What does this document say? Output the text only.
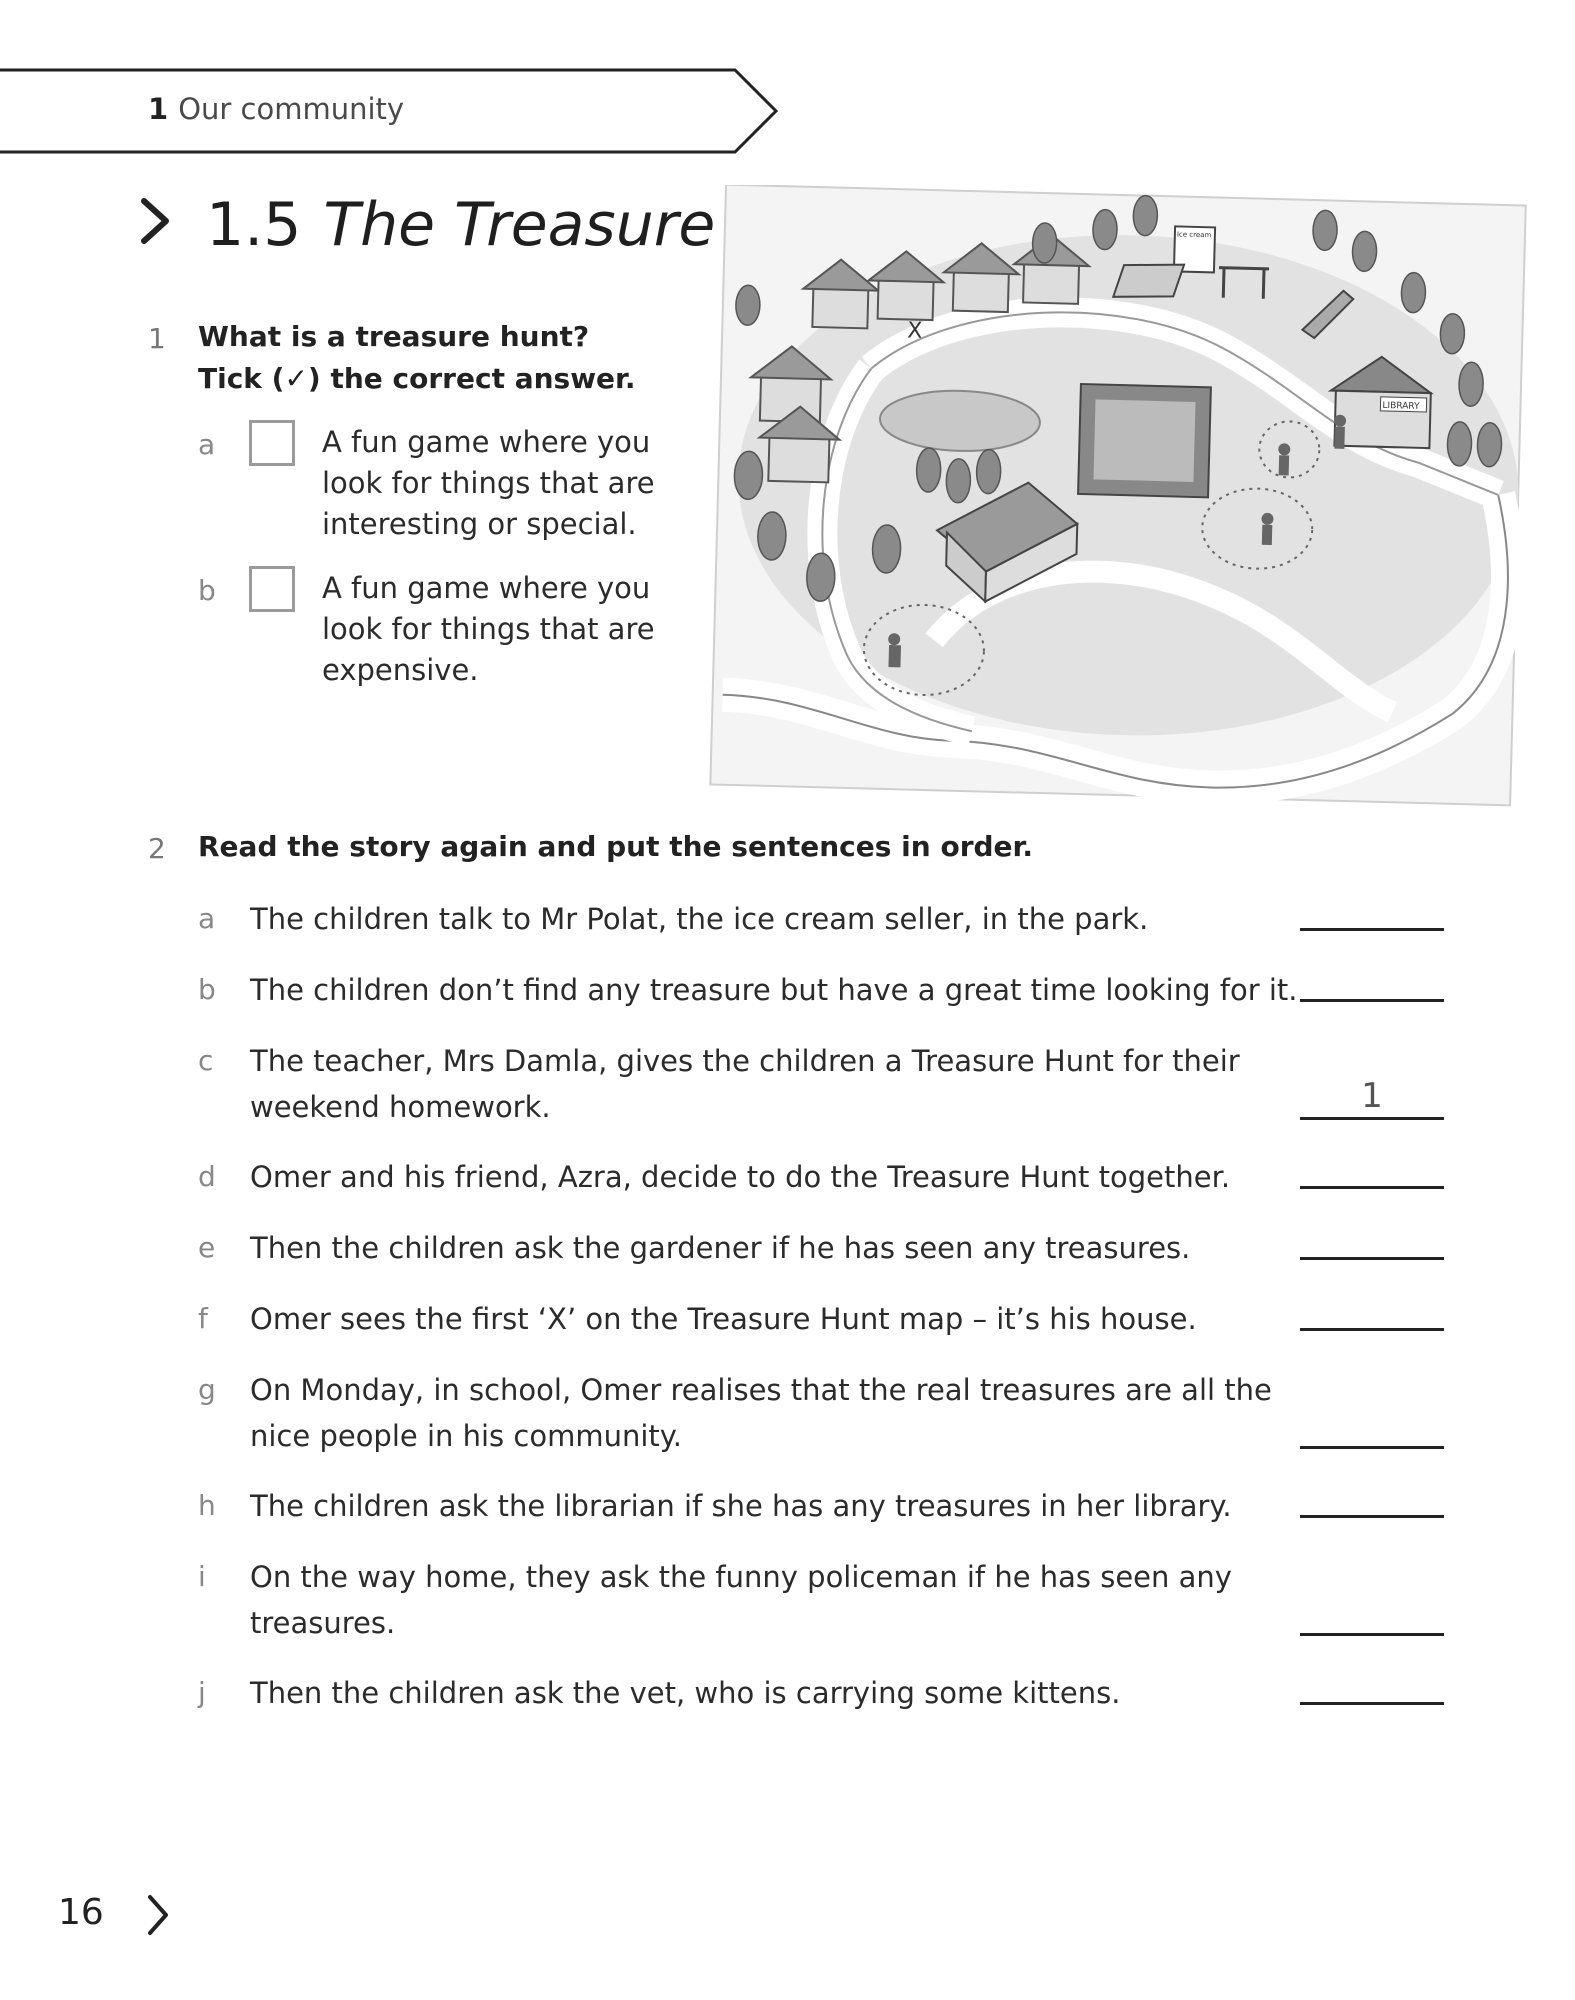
1 Our community
1.5 The Treasure
1 What is a treasure hunt?
Tick (✓) the correct answer.
a	A fun game where you
look for things that are
interesting or special.
b	A fun game where you
look for things that are
expensive.
X
LIBRARY
Ice cream
2 Read the story again and put the sentences in order.
a The children talk to Mr Polat, the ice cream seller, in the park.
b The children don’t find any treasure but have a great time looking for it.
c The teacher, Mrs Damla, gives the children a Treasure Hunt for their
weekend homework.	1
d Omer and his friend, Azra, decide to do the Treasure Hunt together.
e Then the children ask the gardener if he has seen any treasures.
f Omer sees the first ‘X’ on the Treasure Hunt map – it’s his house.
g On Monday, in school, Omer realises that the real treasures are all the
nice people in his community.
h The children ask the librarian if she has any treasures in her library.
i On the way home, they ask the funny policeman if he has seen any
treasures.
j Then the children ask the vet, who is carrying some kittens.
16
